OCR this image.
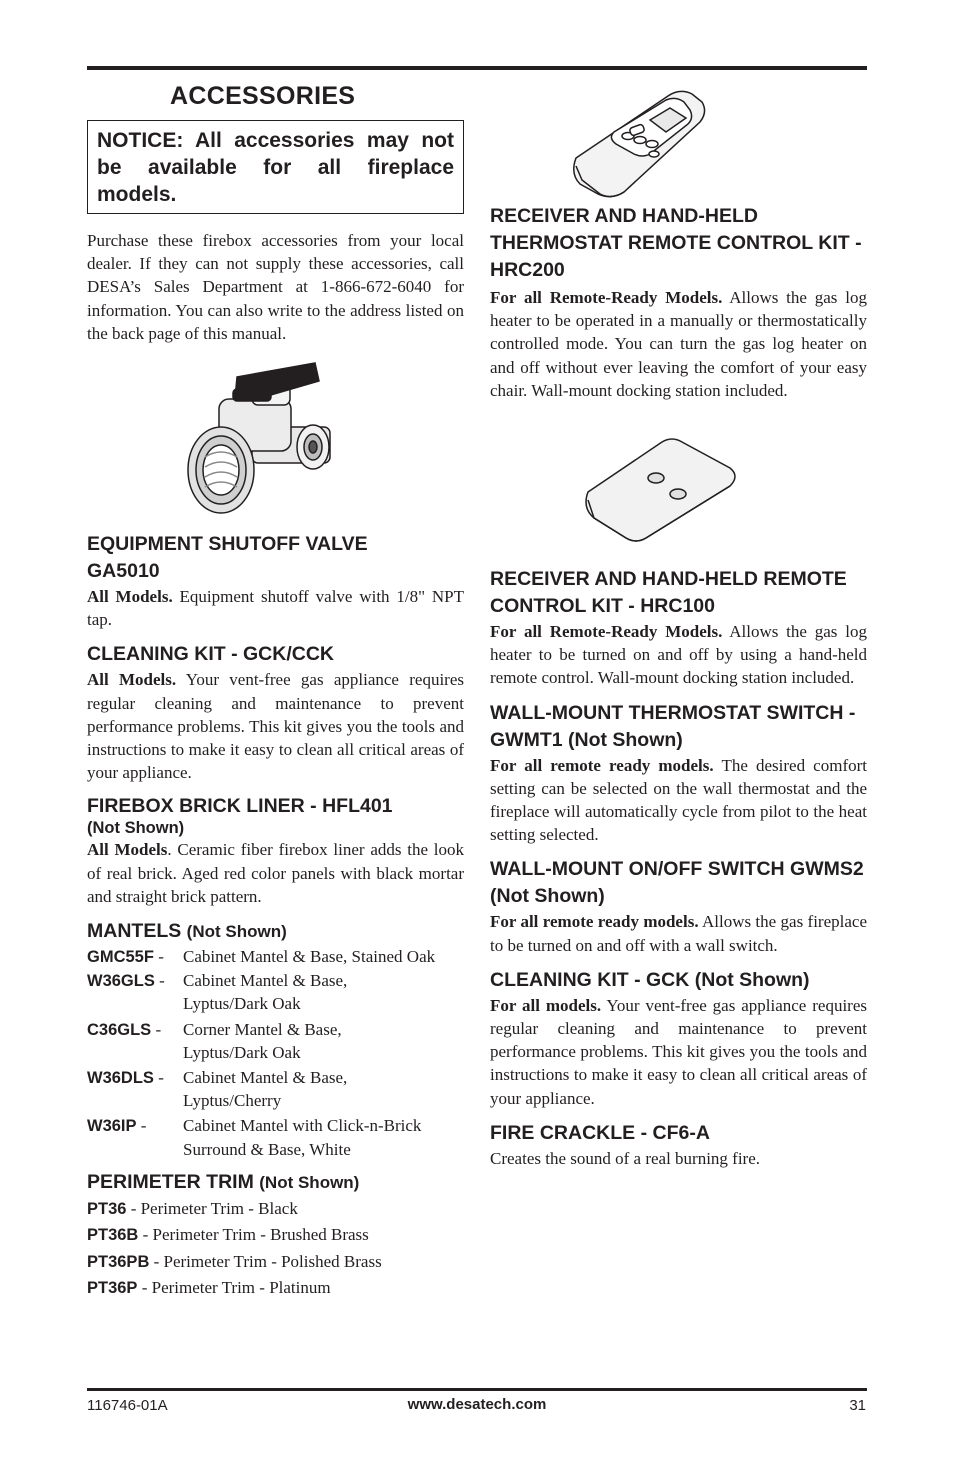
ACCESSORIES
NOTICE: All accessories may not be available for all fireplace models.

Purchase these firebox accessories from your local dealer. If they can not supply these accessories, call DESA’s Sales Department at 1-866-672-6040 for information. You can also write to the address listed on the back page of this manual.

EQUIPMENT SHUTOFF VALVE
GA5010

All Models. Equipment shutoff valve with 1/8" NPT tap.

CLEANING KIT - GCK/CCK

All Models. Your vent-free gas appliance requires regular cleaning and maintenance to prevent performance problems. This kit gives you the tools and instructions to make it easy to clean all critical areas of your appliance.

FIREBOX BRICK LINER - HFL401
(Not Shown)

All Models. Ceramic fiber firebox liner adds the look of real brick. Aged red color panels with black mortar and straight brick pattern.

MANTELS (Not Shown)
GMC55F -	Cabinet Mantel & Base, Stained Oak
W36GLS -	Cabinet Mantel & Base, Lyptus/Dark Oak
C36GLS -	Corner Mantel & Base, Lyptus/Dark Oak
W36DLS -	Cabinet Mantel & Base, Lyptus/Cherry
W36IP -	Cabinet Mantel with Click-n-Brick Surround & Base, White
PERIMETER TRIM (Not Shown)
PT36 - Perimeter Trim - Black
PT36B - Perimeter Trim - Brushed Brass
PT36PB - Perimeter Trim - Polished Brass
PT36P - Perimeter Trim - Platinum
RECEIVER AND HAND-HELD THERMOSTAT REMOTE CONTROL KIT - HRC200

For all Remote-Ready Models. Allows the gas log heater to be operated in a manually or thermostatically controlled mode. You can turn the gas log heater on and off without ever leaving the comfort of your easy chair. Wall-mount docking station included.

RECEIVER AND HAND-HELD REMOTE CONTROL KIT - HRC100

For all Remote-Ready Models. Allows the gas log heater to be turned on and off by using a hand-held remote control. Wall-mount docking station included.

WALL-MOUNT THERMOSTAT SWITCH - GWMT1 (Not Shown)

For all remote ready models. The desired comfort setting can be selected on the wall thermostat and the fireplace will automatically cycle from pilot to the heat setting selected.

WALL-MOUNT ON/OFF SWITCH GWMS2 (Not Shown)

For all remote ready models. Allows the gas fireplace to be turned on and off with a wall switch.

CLEANING KIT - GCK (Not Shown)

For all models. Your vent-free gas appliance requires regular cleaning and maintenance to prevent performance problems. This kit gives you the tools and instructions to make it easy to clean all critical areas of your appliance.

FIRE CRACKLE - CF6-A

Creates the sound of a real burning fire.

116746-01A	www.desatech.com	31
